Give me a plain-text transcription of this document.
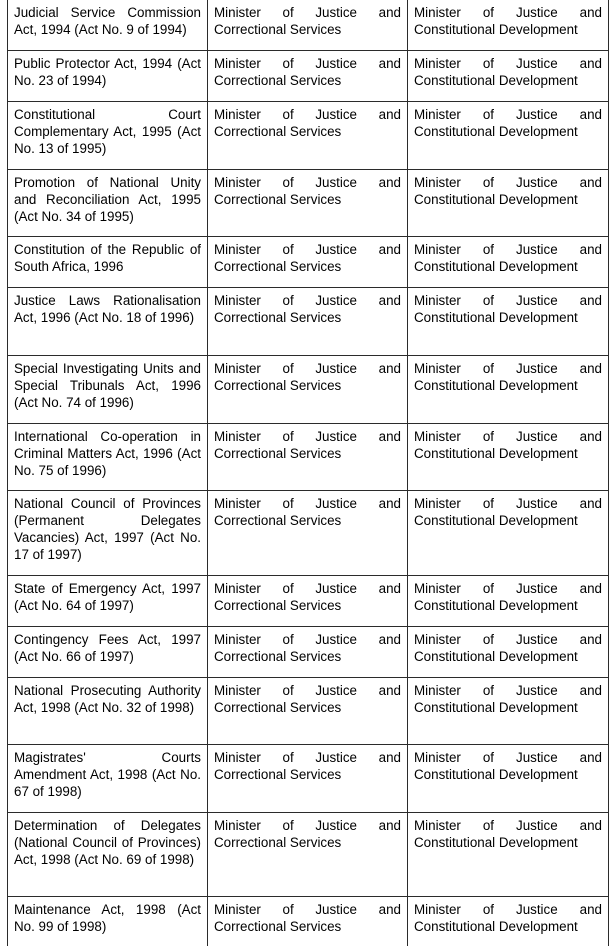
Judicial Service Commission Act, 1994 (Act No. 9 of 1994)	Minister of Justice and Correctional Services	Minister of Justice and Constitutional Development
Public Protector Act, 1994 (Act No. 23 of 1994)	Minister of Justice and Correctional Services	Minister of Justice and Constitutional Development
Constitutional Court Complementary Act, 1995 (Act No. 13 of 1995)	Minister of Justice and Correctional Services	Minister of Justice and Constitutional Development
Promotion of National Unity and Reconciliation Act, 1995 (Act No. 34 of 1995)	Minister of Justice and Correctional Services	Minister of Justice and Constitutional Development
Constitution of the Republic of South Africa, 1996	Minister of Justice and Correctional Services	Minister of Justice and Constitutional Development
Justice Laws Rationalisation Act, 1996 (Act No. 18 of 1996)	Minister of Justice and Correctional Services	Minister of Justice and Constitutional Development
Special Investigating Units and Special Tribunals Act, 1996 (Act No. 74 of 1996)	Minister of Justice and Correctional Services	Minister of Justice and Constitutional Development
International Co-operation in Criminal Matters Act, 1996 (Act No. 75 of 1996)	Minister of Justice and Correctional Services	Minister of Justice and Constitutional Development
National Council of Provinces (Permanent Delegates Vacancies) Act, 1997 (Act No. 17 of 1997)	Minister of Justice and Correctional Services	Minister of Justice and Constitutional Development
State of Emergency Act, 1997 (Act No. 64 of 1997)	Minister of Justice and Correctional Services	Minister of Justice and Constitutional Development
Contingency Fees Act, 1997 (Act No. 66 of 1997)	Minister of Justice and Correctional Services	Minister of Justice and Constitutional Development
National Prosecuting Authority Act, 1998 (Act No. 32 of 1998)	Minister of Justice and Correctional Services	Minister of Justice and Constitutional Development
Magistrates' Courts Amendment Act, 1998 (Act No. 67 of 1998)	Minister of Justice and Correctional Services	Minister of Justice and Constitutional Development
Determination of Delegates (National Council of Provinces) Act, 1998 (Act No. 69 of 1998)	Minister of Justice and Correctional Services	Minister of Justice and Constitutional Development
Maintenance Act, 1998 (Act No. 99 of 1998)	Minister of Justice and Correctional Services	Minister of Justice and Constitutional Development
